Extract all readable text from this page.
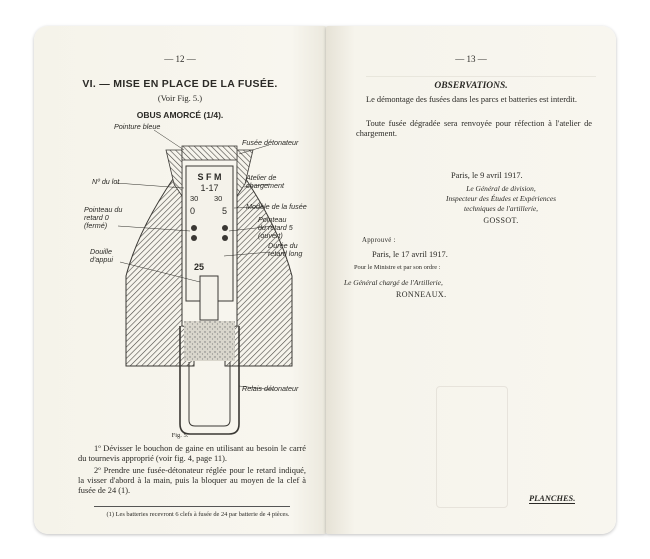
— 12 —
VI. — MISE EN PLACE DE LA FUSÉE.
(Voir Fig. 5.)
OBUS AMORCÉ (1/4).
Pointure bleue
Fusée détonateur
Nº du lot	Atelier de chargement
Modèle de la fusée
Pointeau du
retard 0
(fermé)
Pointeau
du retard 5
(ouvert)
Douille
d'appui
Durée du
retard long
Relais détonateur
S F M
1-17
30 30
0	5
25
Fig. 5.
1º Dévisser le bouchon de gaine en utilisant au besoin le carré du tournevis approprié (voir fig. 4, page 11).
2º Prendre une fusée-détonateur réglée pour le retard indiqué, la visser d'abord à la main, puis la bloquer au moyen de la clef à fusée de 24 (1).
(1) Les batteries recevront 6 clefs à fusée de 24 par batterie de 4 pièces.
— 13 —
OBSERVATIONS.
Le démontage des fusées dans les parcs et batteries est interdit.
Toute fusée dégradée sera renvoyée pour réfection à l'atelier de chargement.
Paris, le 9 avril 1917.
Le Général de division,
Inspecteur des Études et Expériences
techniques de l'artillerie,
GOSSOT.
Approuvé :
Paris, le 17 avril 1917.
Pour le Ministre et par son ordre :
Le Général chargé de l'Artillerie,
RONNEAUX.
PLANCHES.
